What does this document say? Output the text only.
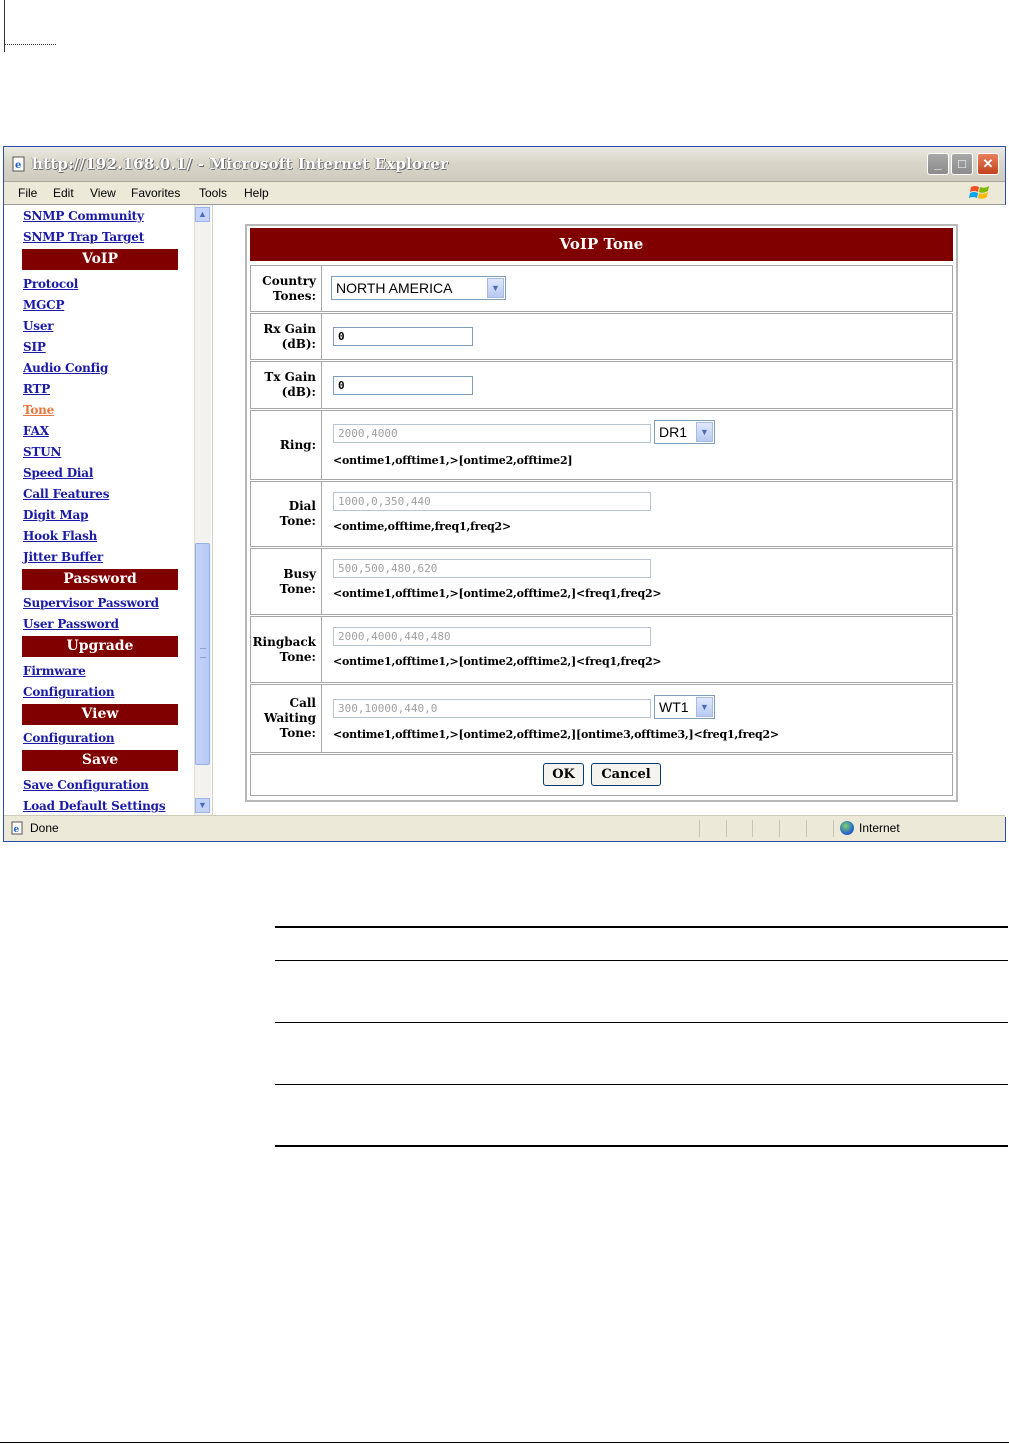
e http://192.168.0.1/ - Microsoft Internet Explorer	_	□	✕
File Edit View Favorites Tools Help
SNMP Community
SNMP Trap Target
VoIP
Protocol
MGCP
User
SIP
Audio Config
RTP
Tone
FAX
STUN
Speed Dial
Call Features
Digit Map
Hook Flash
Jitter Buffer
Password
Supervisor Password
User Password
Upgrade
Firmware
Configuration
View
Configuration
Save
Save Configuration
Load Default Settings
▲
▼
VoIP Tone
Country
Tones:	NORTH AMERICA	▼
Rx Gain
(dB):	0
Tx Gain
(dB):	0
Ring:
2000,4000	DR1	▼
<ontime1,offtime1,>[ontime2,offtime2]
Dial
Tone:
1000,0,350,440
<ontime,offtime,freq1,freq2>
Busy
Tone:
500,500,480,620
<ontime1,offtime1,>[ontime2,offtime2,]<freq1,freq2>
Ringback
Tone:
2000,4000,440,480
<ontime1,offtime1,>[ontime2,offtime2,]<freq1,freq2>
Call
Waiting
Tone:
300,10000,440,0	WT1	▼
<ontime1,offtime1,>[ontime2,offtime2,][ontime3,offtime3,]<freq1,freq2>
OK	Cancel
e Done	Internet
